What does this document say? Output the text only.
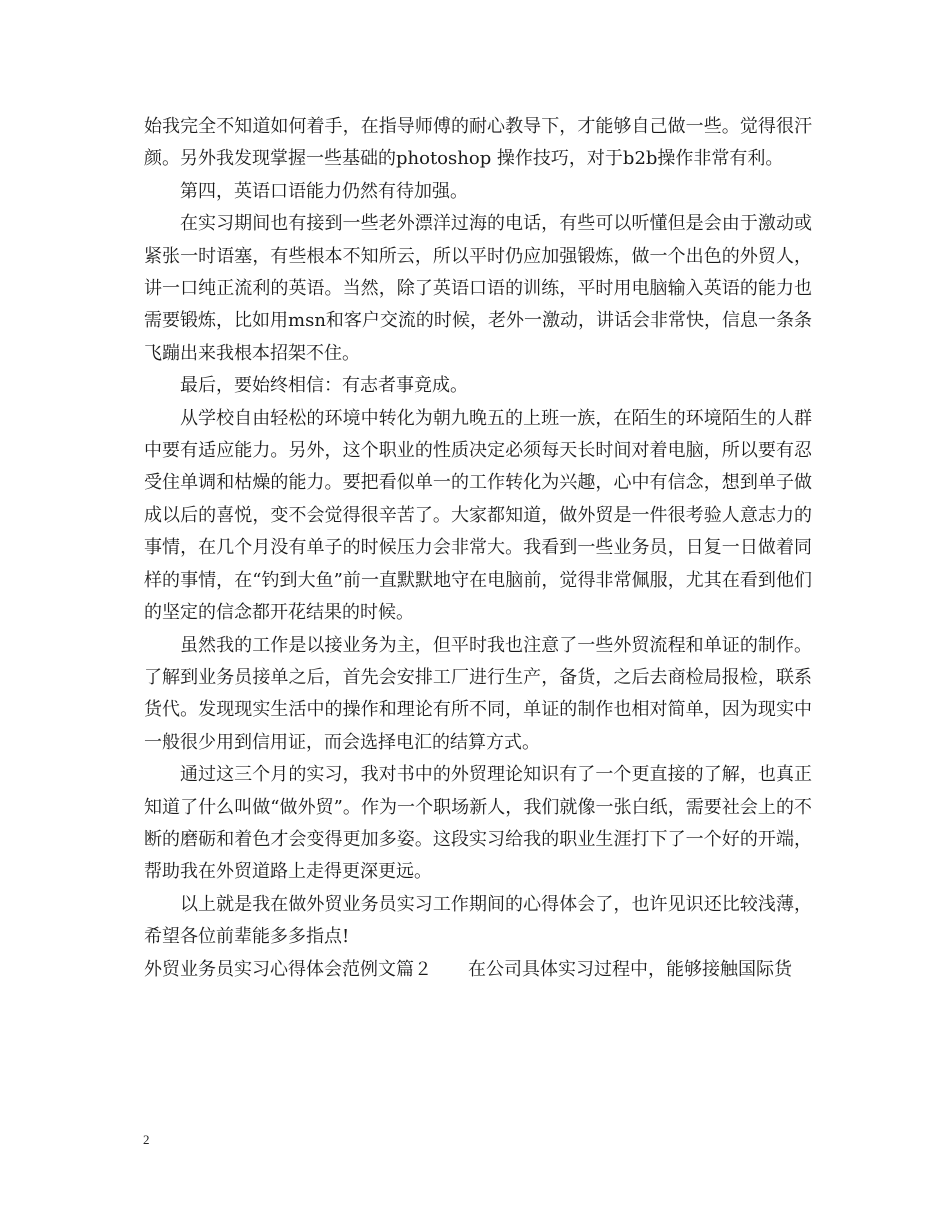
始我完全不知道如何着手，在指导师傅的耐心教导下，才能够自己做一些。觉得很汗颜。另外我发现掌握一些基础的photoshop 操作技巧，对于b2b操作非常有利。

第四，英语口语能力仍然有待加强。

在实习期间也有接到一些老外漂洋过海的电话，有些可以听懂但是会由于激动或紧张一时语塞，有些根本不知所云，所以平时仍应加强锻炼，做一个出色的外贸人，讲一口纯正流利的英语。当然，除了英语口语的训练，平时用电脑输入英语的能力也需要锻炼，比如用msn和客户交流的时候，老外一激动，讲话会非常快，信息一条条飞蹦出来我根本招架不住。

最后，要始终相信：有志者事竟成。

从学校自由轻松的环境中转化为朝九晚五的上班一族，在陌生的环境陌生的人群中要有适应能力。另外，这个职业的性质决定必须每天长时间对着电脑，所以要有忍受住单调和枯燥的能力。要把看似单一的工作转化为兴趣，心中有信念，想到单子做成以后的喜悦，变不会觉得很辛苦了。大家都知道，做外贸是一件很考验人意志力的事情，在几个月没有单子的时候压力会非常大。我看到一些业务员，日复一日做着同样的事情，在“钓到大鱼”前一直默默地守在电脑前，觉得非常佩服，尤其在看到他们的坚定的信念都开花结果的时候。

虽然我的工作是以接业务为主，但平时我也注意了一些外贸流程和单证的制作。了解到业务员接单之后，首先会安排工厂进行生产，备货，之后去商检局报检，联系货代。发现现实生活中的操作和理论有所不同，单证的制作也相对简单，因为现实中一般很少用到信用证，而会选择电汇的结算方式。

通过这三个月的实习，我对书中的外贸理论知识有了一个更直接的了解，也真正知道了什么叫做“做外贸”。作为一个职场新人，我们就像一张白纸，需要社会上的不断的磨砺和着色才会变得更加多姿。这段实习给我的职业生涯打下了一个好的开端，帮助我在外贸道路上走得更深更远。

以上就是我在做外贸业务员实习工作期间的心得体会了，也许见识还比较浅薄，希望各位前辈能多多指点!

外贸业务员实习心得体会范例文篇２　　在公司具体实习过程中，能够接触国际货

2
